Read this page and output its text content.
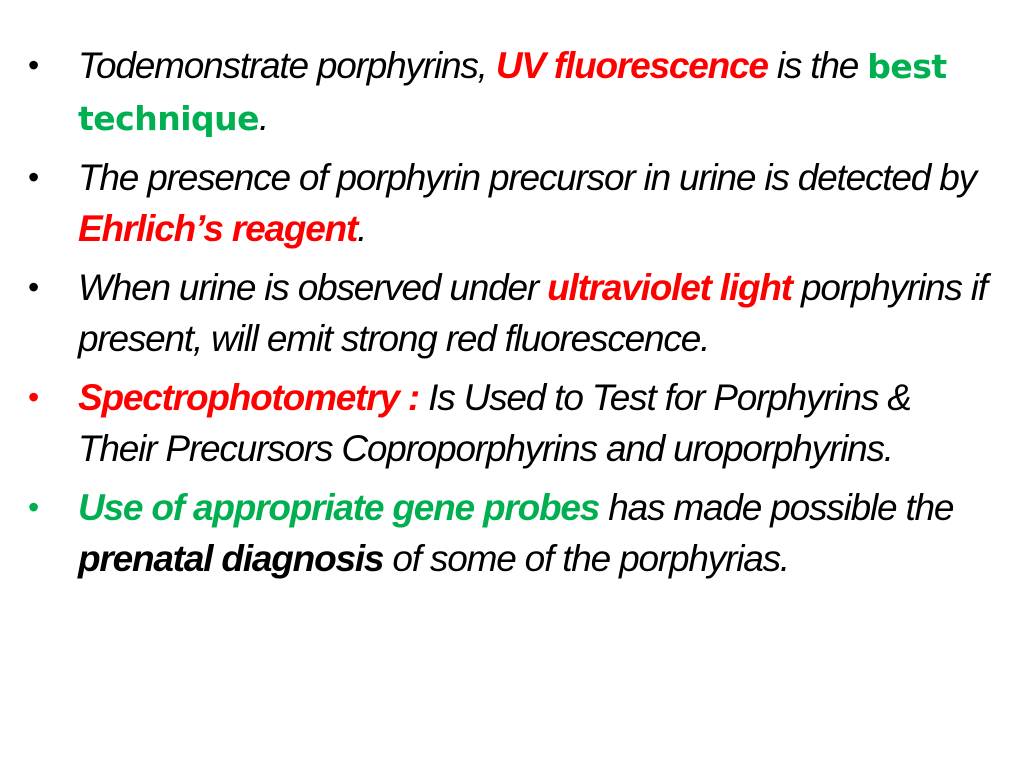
• Todemonstrate porphyrins, UV fluorescence is the best technique.
• The presence of porphyrin precursor in urine is detected by Ehrlich’s reagent.
• When urine is observed under ultraviolet light porphyrins if present, will emit strong red fluorescence.
• Spectrophotometry : Is Used to Test for Porphyrins & Their Precursors Coproporphyrins and uroporphyrins.
• Use of appropriate gene probes has made possible the prenatal diagnosis of some of the porphyrias.
